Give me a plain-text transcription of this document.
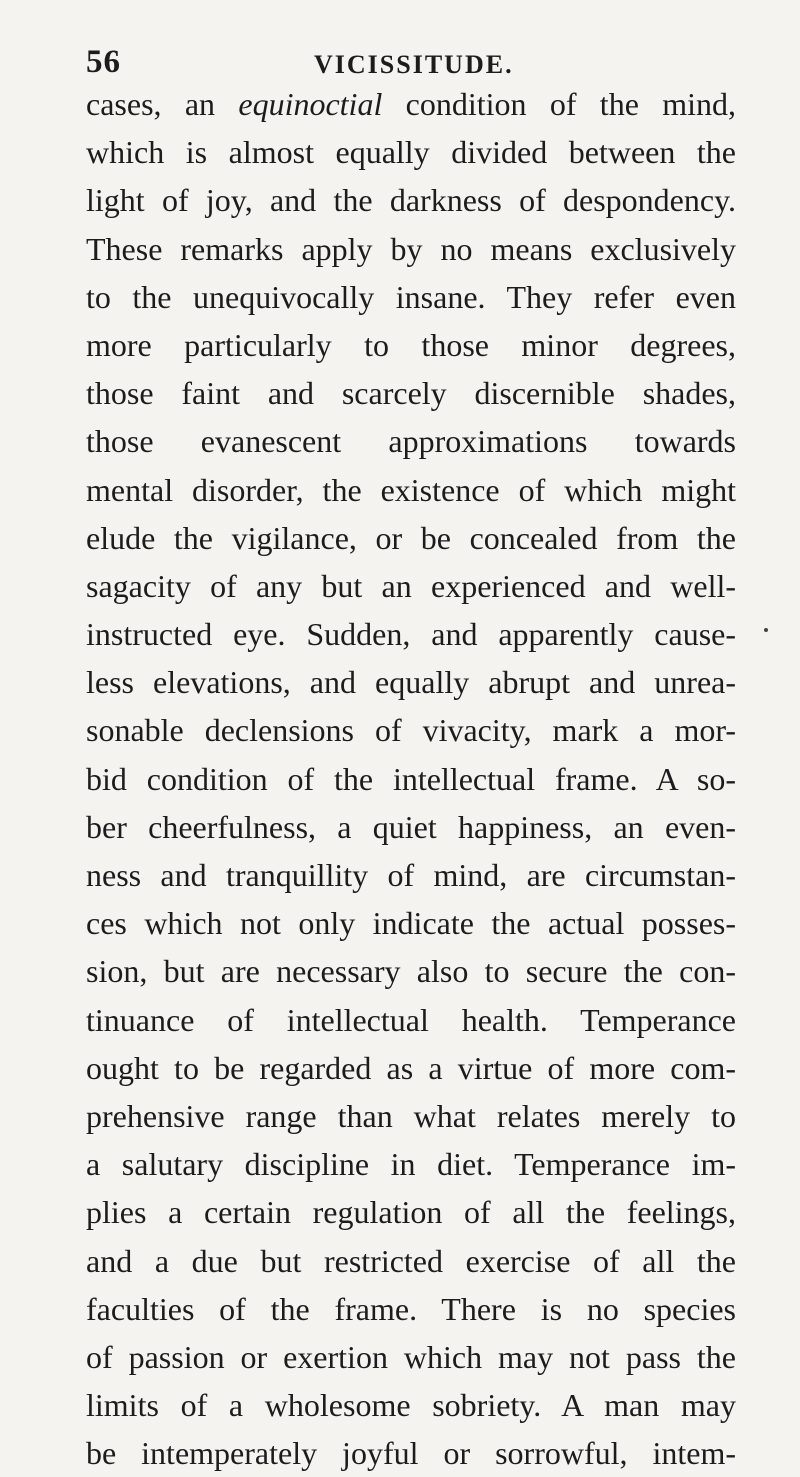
56	VICISSITUDE.
cases, an equinoctial condition of the mind,
which is almost equally divided between the
light of joy, and the darkness of despondency.
These remarks apply by no means exclusively
to the unequivocally insane. They refer even
more particularly to those minor degrees,
those faint and scarcely discernible shades,
those evanescent approximations towards
mental disorder, the existence of which might
elude the vigilance, or be concealed from the
sagacity of any but an experienced and well-
instructed eye. Sudden, and apparently cause-
less elevations, and equally abrupt and unrea-
sonable declensions of vivacity, mark a mor-
bid condition of the intellectual frame. A so-
ber cheerfulness, a quiet happiness, an even-
ness and tranquillity of mind, are circumstan-
ces which not only indicate the actual posses-
sion, but are necessary also to secure the con-
tinuance of intellectual health. Temperance
ought to be regarded as a virtue of more com-
prehensive range than what relates merely to
a salutary discipline in diet. Temperance im-
plies a certain regulation of all the feelings,
and a due but restricted exercise of all the
faculties of the frame. There is no species
of passion or exertion which may not pass the
limits of a wholesome sobriety. A man may
be intemperately joyful or sorrowful, intem-
